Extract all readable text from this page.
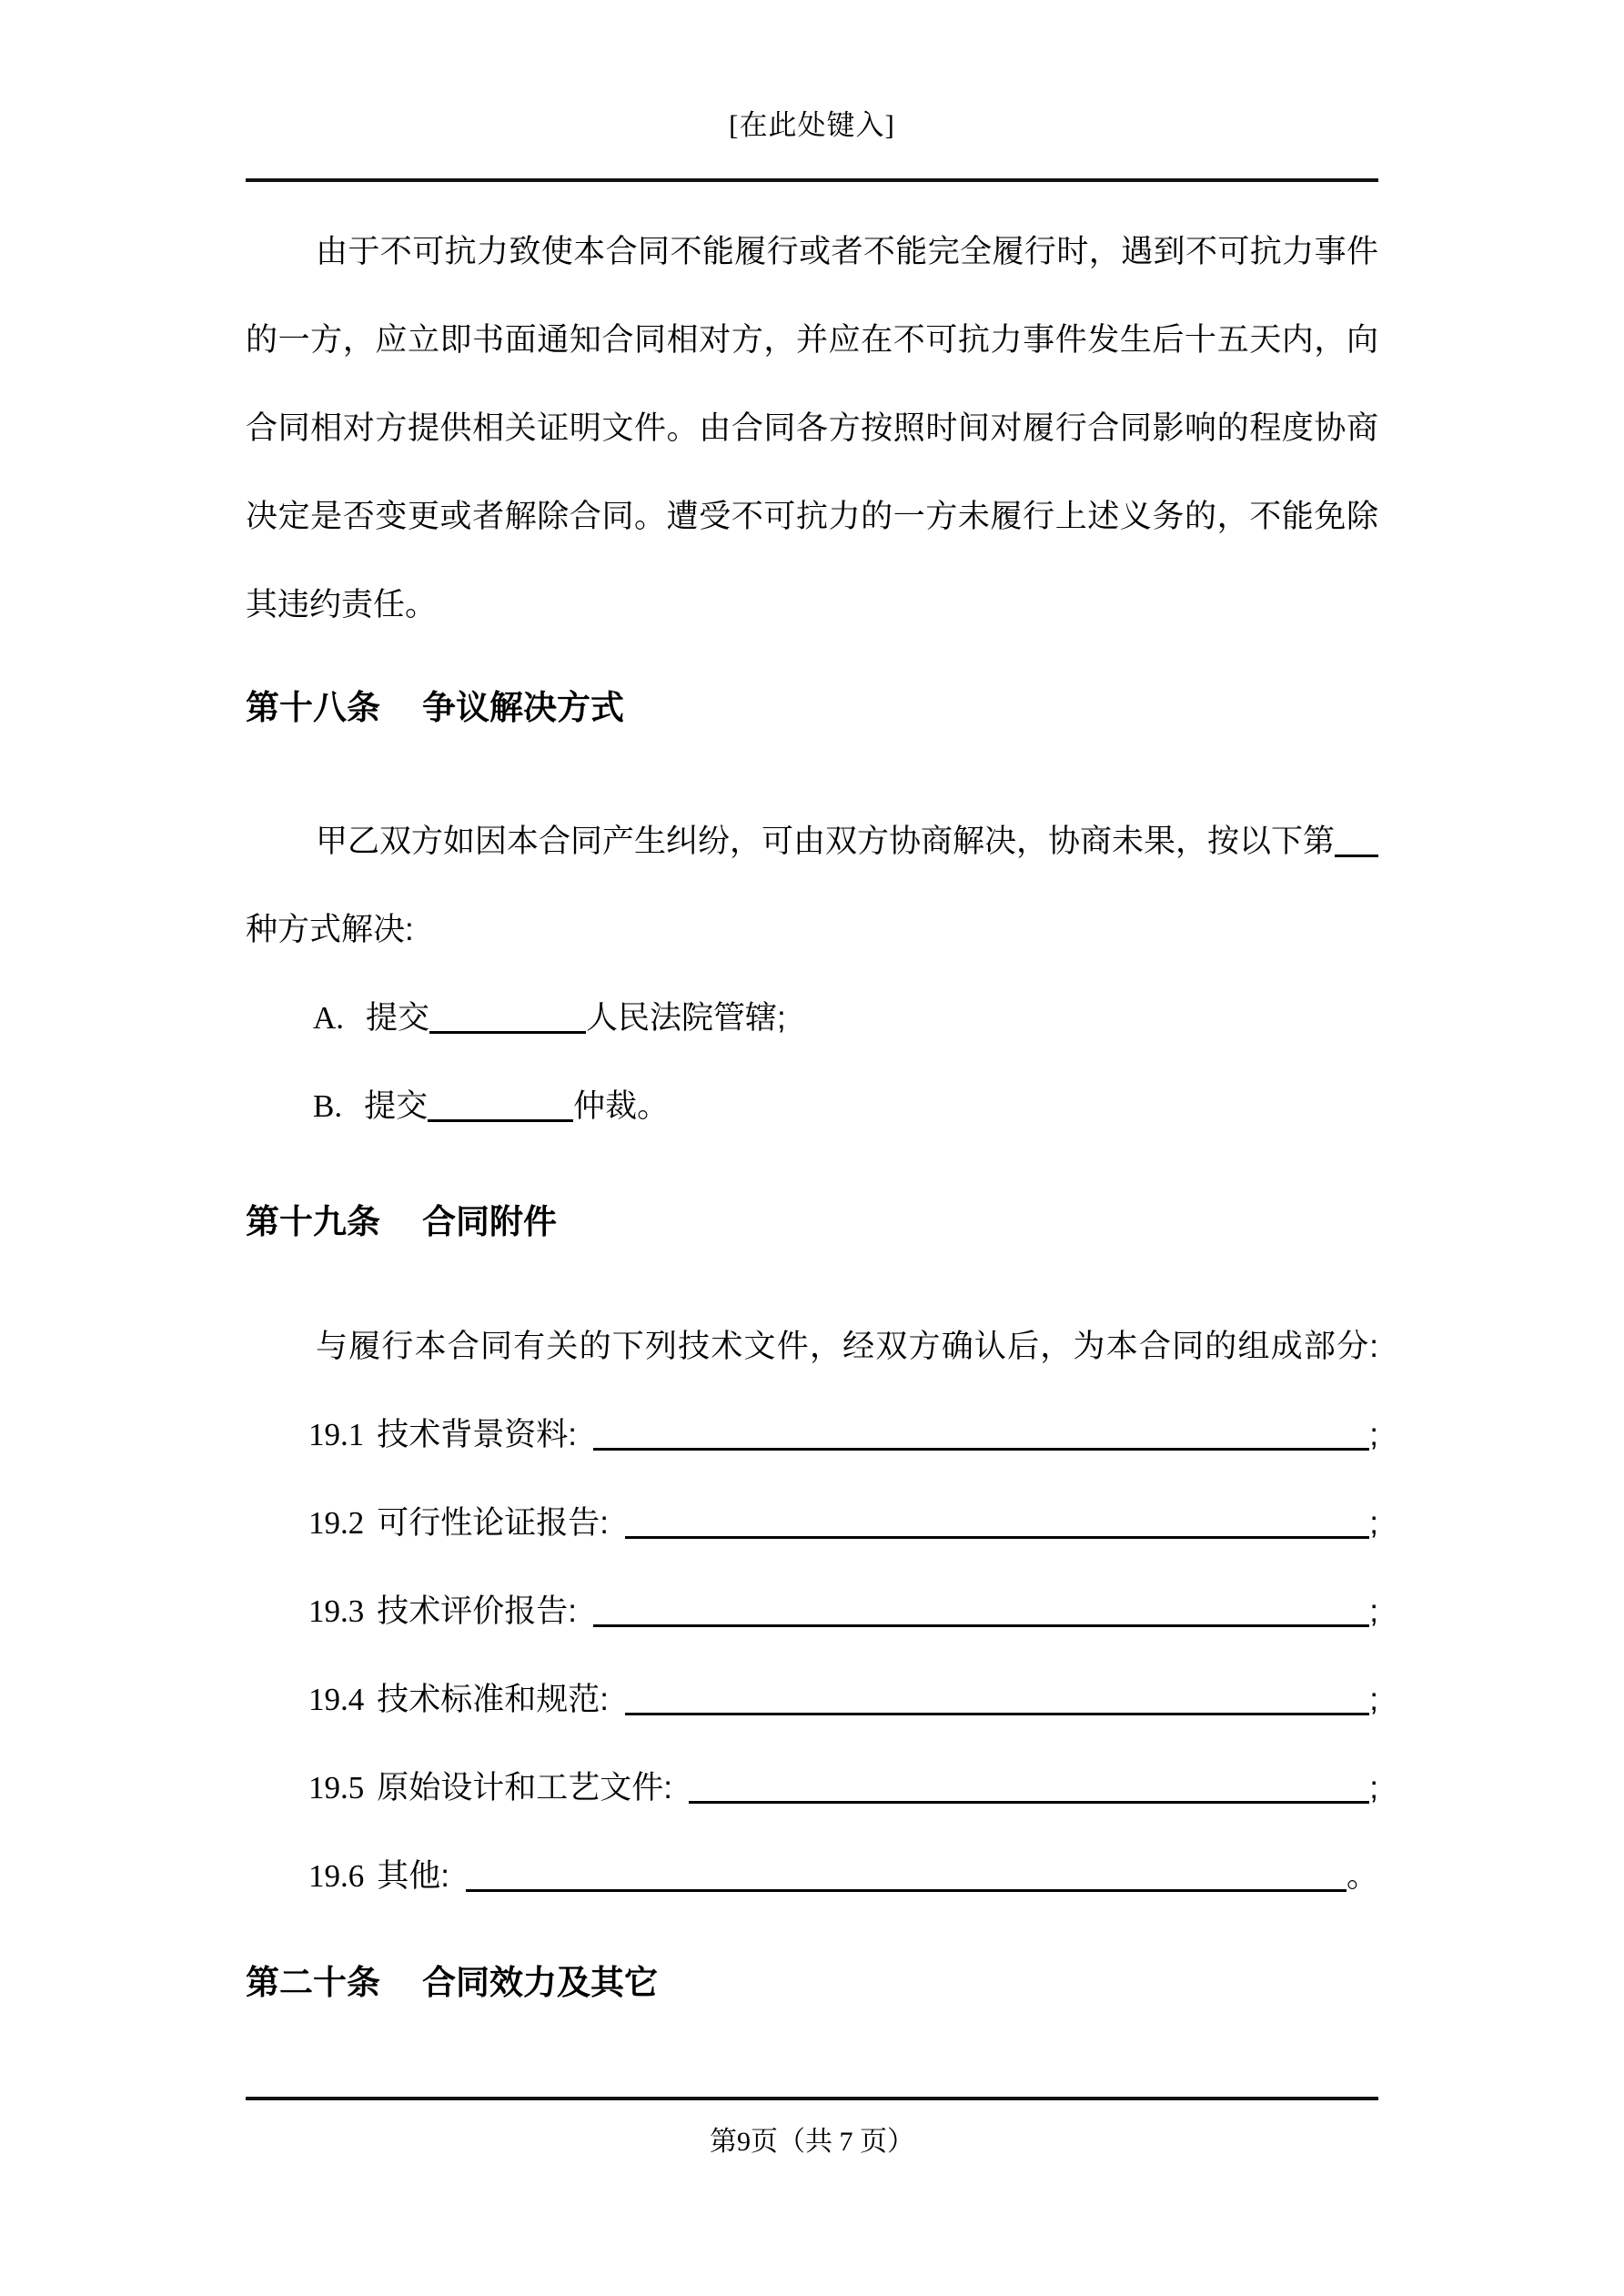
[在此处键入]
由于不可抗力致使本合同不能履行或者不能完全履行时，遇到不可抗力事件
的一方，应立即书面通知合同相对方，并应在不可抗力事件发生后十五天内，向
合同相对方提供相关证明文件。由合同各方按照时间对履行合同影响的程度协商
决定是否变更或者解除合同。遭受不可抗力的一方未履行上述义务的，不能免除
其违约责任。
第十八条 争议解决方式
甲乙双方如因本合同产生纠纷，可由双方协商解决，协商未果，按以下第
种方式解决:
A. 提交	人民法院管辖;
B. 提交	仲裁。
第十九条 合同附件
与履行本合同有关的下列技术文件，经双方确认后，为本合同的组成部分:
19.1 技术背景资料:	;
19.2 可行性论证报告:	;
19.3 技术评价报告:	;
19.4 技术标准和规范:	;
19.5 原始设计和工艺文件:	;
19.6 其他:	。
第二十条 合同效力及其它
第9页（共 7 页）
